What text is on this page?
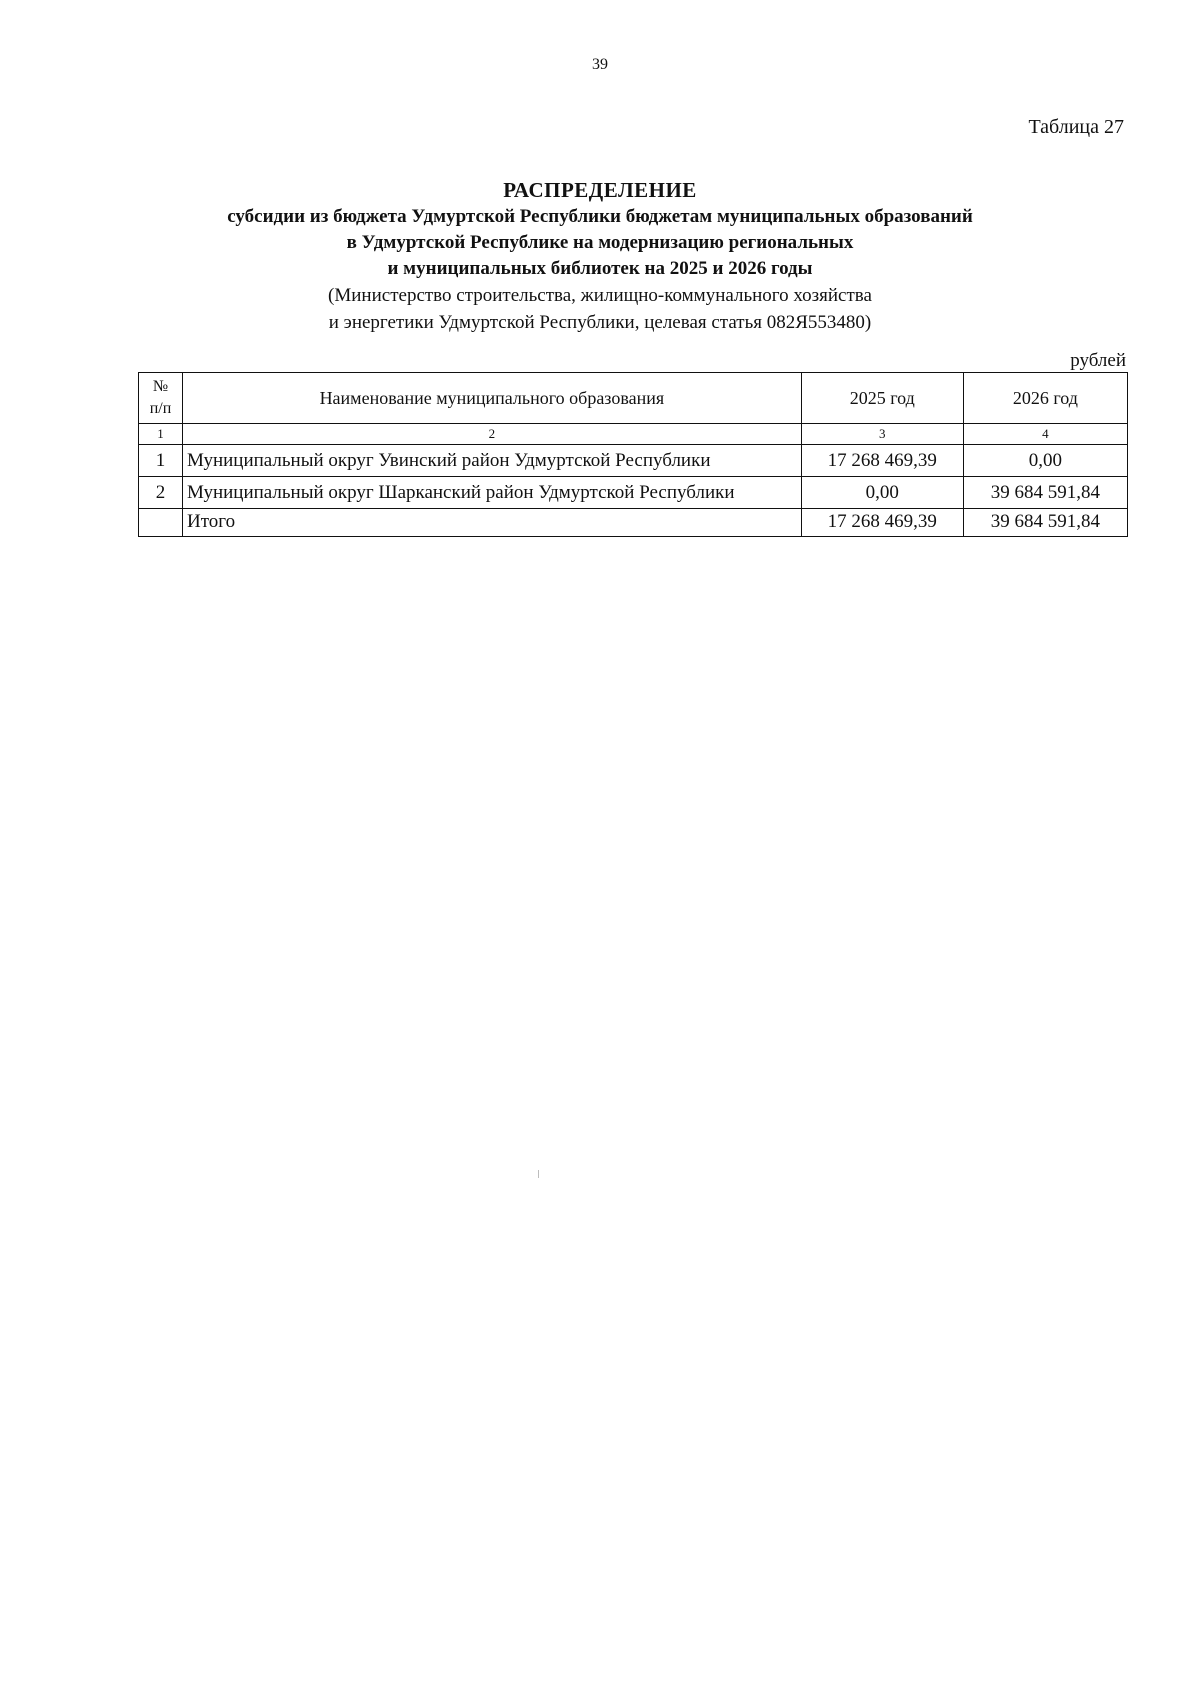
39
Таблица 27
РАСПРЕДЕЛЕНИЕ
субсидии из бюджета Удмуртской Республики бюджетам муниципальных образований
в Удмуртской Республике на модернизацию региональных
и муниципальных библиотек на 2025 и 2026 годы
(Министерство строительства, жилищно-коммунального хозяйства
и энергетики Удмуртской Республики, целевая статья 082Я553480)
рублей
№
п/п	Наименование муниципального образования	2025 год	2026 год
1	2	3	4
1	Муниципальный округ Увинский район Удмуртской Республики	17 268 469,39	0,00
2	Муниципальный округ Шарканский район Удмуртской Республики	0,00	39 684 591,84
	Итого	17 268 469,39	39 684 591,84
